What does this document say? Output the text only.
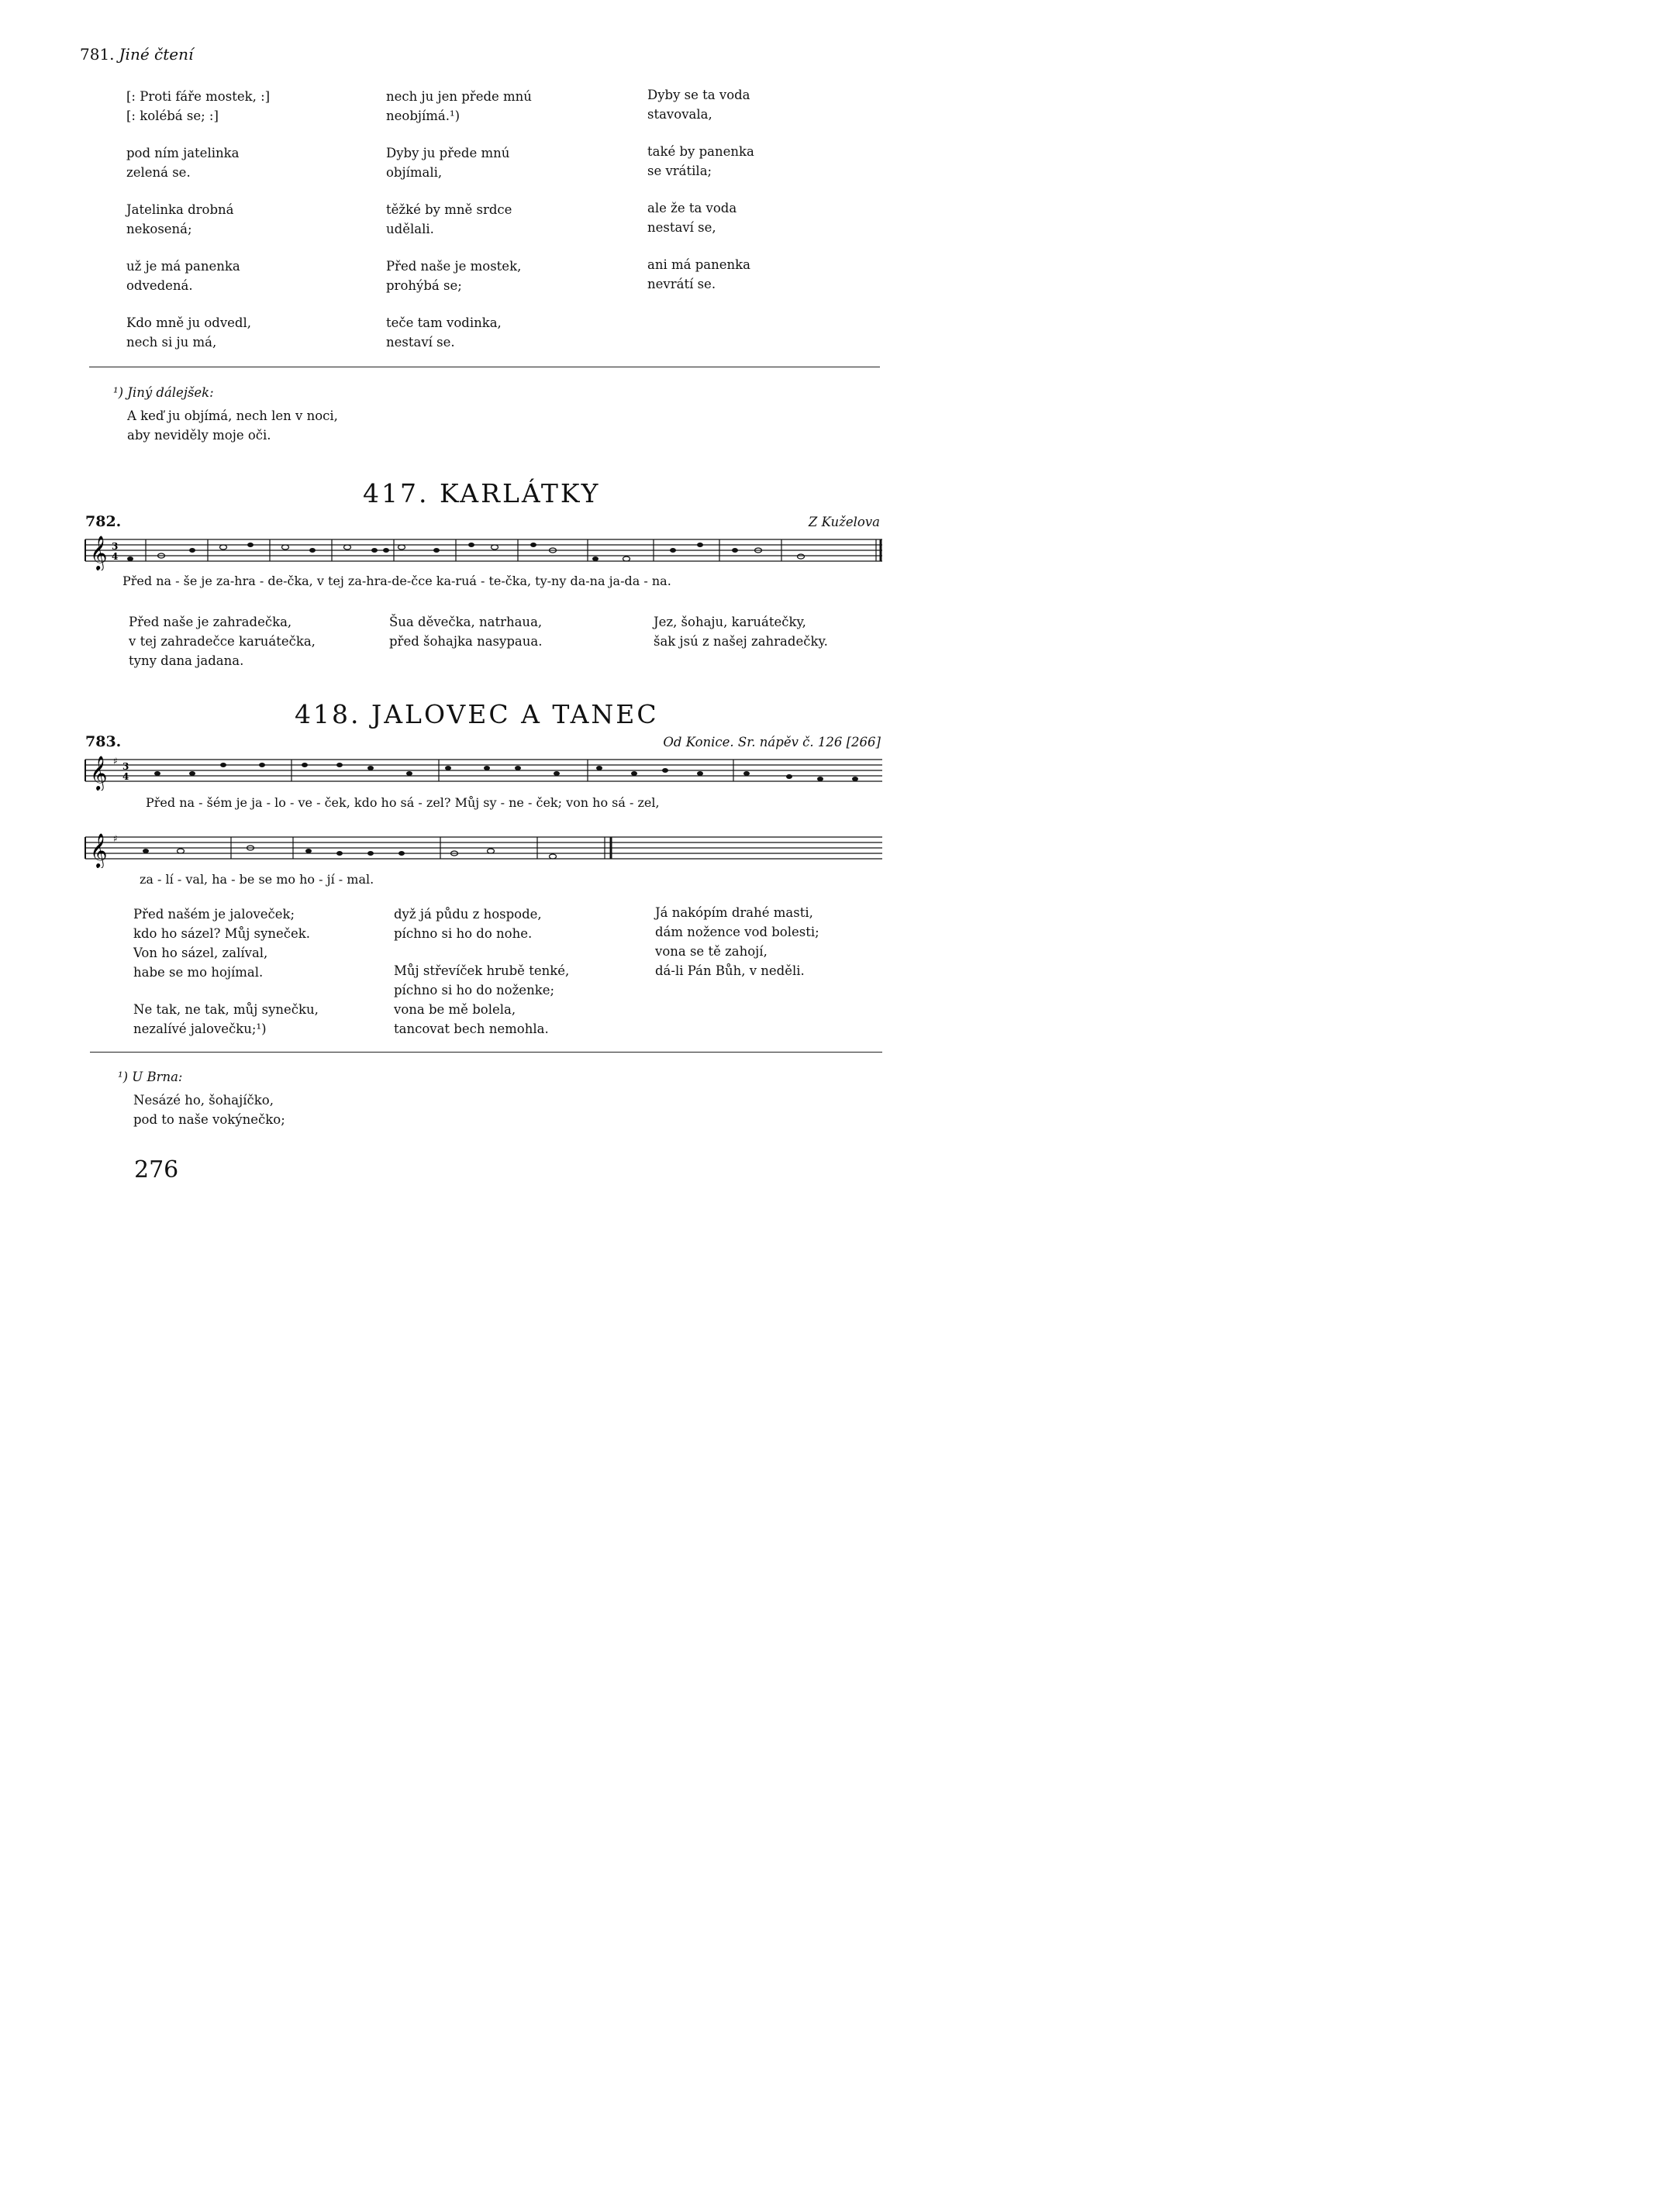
781. Jiné čtení
[: Proti fáře mostek, :]
[: kolébá se; :]
pod ním jatelinka
zelená se.
Jatelinka drobná
nekosená;
už je má panenka
odvedená.
Kdo mně ju odvedl,
nech si ju má,
nech ju jen přede mnú
neobjímá.¹)
Dyby ju přede mnú
objímali,
těžké by mně srdce
udělali.
Před naše je mostek,
prohýbá se;
teče tam vodinka,
nestaví se.
Dyby se ta voda
stavovala,
také by panenka
se vrátila;
ale že ta voda
nestaví se,
ani má panenka
nevrátí se.
¹) Jiný dálejšek:
A keď ju objímá, nech len v noci,
aby neviděly moje oči.
417. KARLÁTKY
782.	Z Kuželova
𝄞 3
4
Před na - še je za-hra - de-čka, v tej za-hra-de-čce ka-ruá - te-čka, ty-ny da-na ja-da - na.
Před naše je zahradečka,
v tej zahradečce karuátečka,
tyny dana jadana.
Šua děvečka, natrhaua,
před šohajka nasypaua.
Jez, šohaju, karuátečky,
šak jsú z našej zahradečky.
418. JALOVEC A TANEC
783.	Od Konice. Sr. nápěv č. 126 [266]
𝄞 ♯ 3
4
Před na - šém je ja - lo - ve - ček, kdo ho sá - zel? Můj sy - ne - ček; von ho sá - zel,
𝄞 ♯
za - lí - val, ha - be se mo ho - jí - mal.
Před našém je jaloveček;
kdo ho sázel? Můj syneček.
Von ho sázel, zalíval,
habe se mo hojímal.
Ne tak, ne tak, můj synečku,
nezalívé jalovečku;¹)
dyž já půdu z hospode,
píchno si ho do nohe.
Můj střevíček hrubě tenké,
píchno si ho do noženke;
vona be mě bolela,
tancovat bech nemohla.
Já nakópím drahé masti,
dám nožence vod bolesti;
vona se tě zahojí,
dá-li Pán Bůh, v neděli.
¹) U Brna:
Nesázé ho, šohajíčko,
pod to naše vokýnečko;
276
